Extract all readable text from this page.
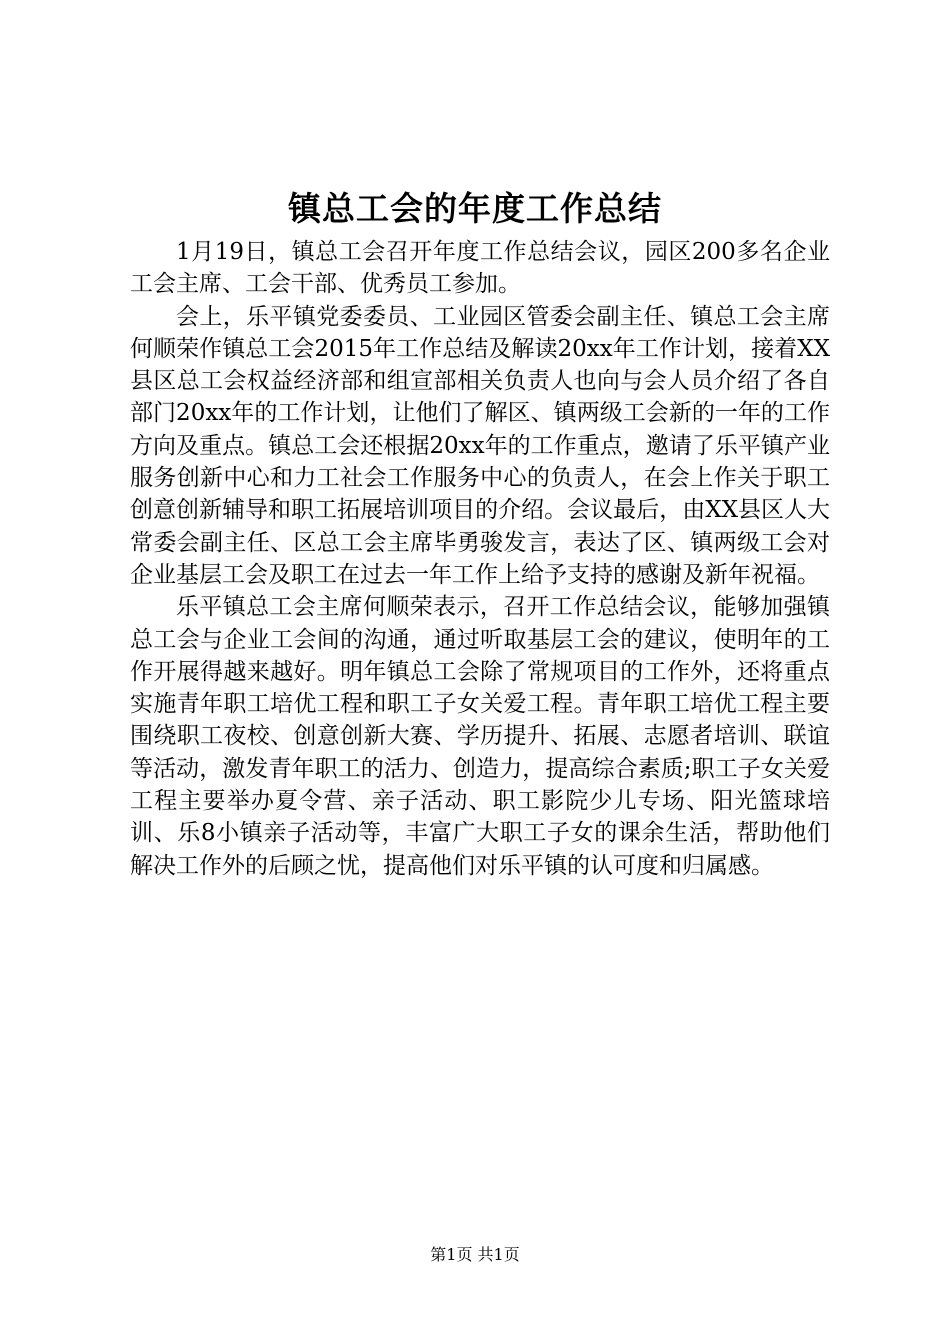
镇总工会的年度工作总结

1月19日，镇总工会召开年度工作总结会议，园区200多名企业工会主席、工会干部、优秀员工参加。

会上，乐平镇党委委员、工业园区管委会副主任、镇总工会主席何顺荣作镇总工会2015年工作总结及解读20xx年工作计划，接着XX县区总工会权益经济部和组宣部相关负责人也向与会人员介绍了各自部门20xx年的工作计划，让他们了解区、镇两级工会新的一年的工作方向及重点。镇总工会还根据20xx年的工作重点，邀请了乐平镇产业服务创新中心和力工社会工作服务中心的负责人，在会上作关于职工创意创新辅导和职工拓展培训项目的介绍。会议最后，由XX县区人大常委会副主任、区总工会主席毕勇骏发言，表达了区、镇两级工会对企业基层工会及职工在过去一年工作上给予支持的感谢及新年祝福。

乐平镇总工会主席何顺荣表示，召开工作总结会议，能够加强镇总工会与企业工会间的沟通，通过听取基层工会的建议，使明年的工作开展得越来越好。明年镇总工会除了常规项目的工作外，还将重点实施青年职工培优工程和职工子女关爱工程。青年职工培优工程主要围绕职工夜校、创意创新大赛、学历提升、拓展、志愿者培训、联谊等活动，激发青年职工的活力、创造力，提高综合素质;职工子女关爱工程主要举办夏令营、亲子活动、职工影院少儿专场、阳光篮球培训、乐8小镇亲子活动等，丰富广大职工子女的课余生活，帮助他们解决工作外的后顾之忧，提高他们对乐平镇的认可度和归属感。

第1页 共1页
